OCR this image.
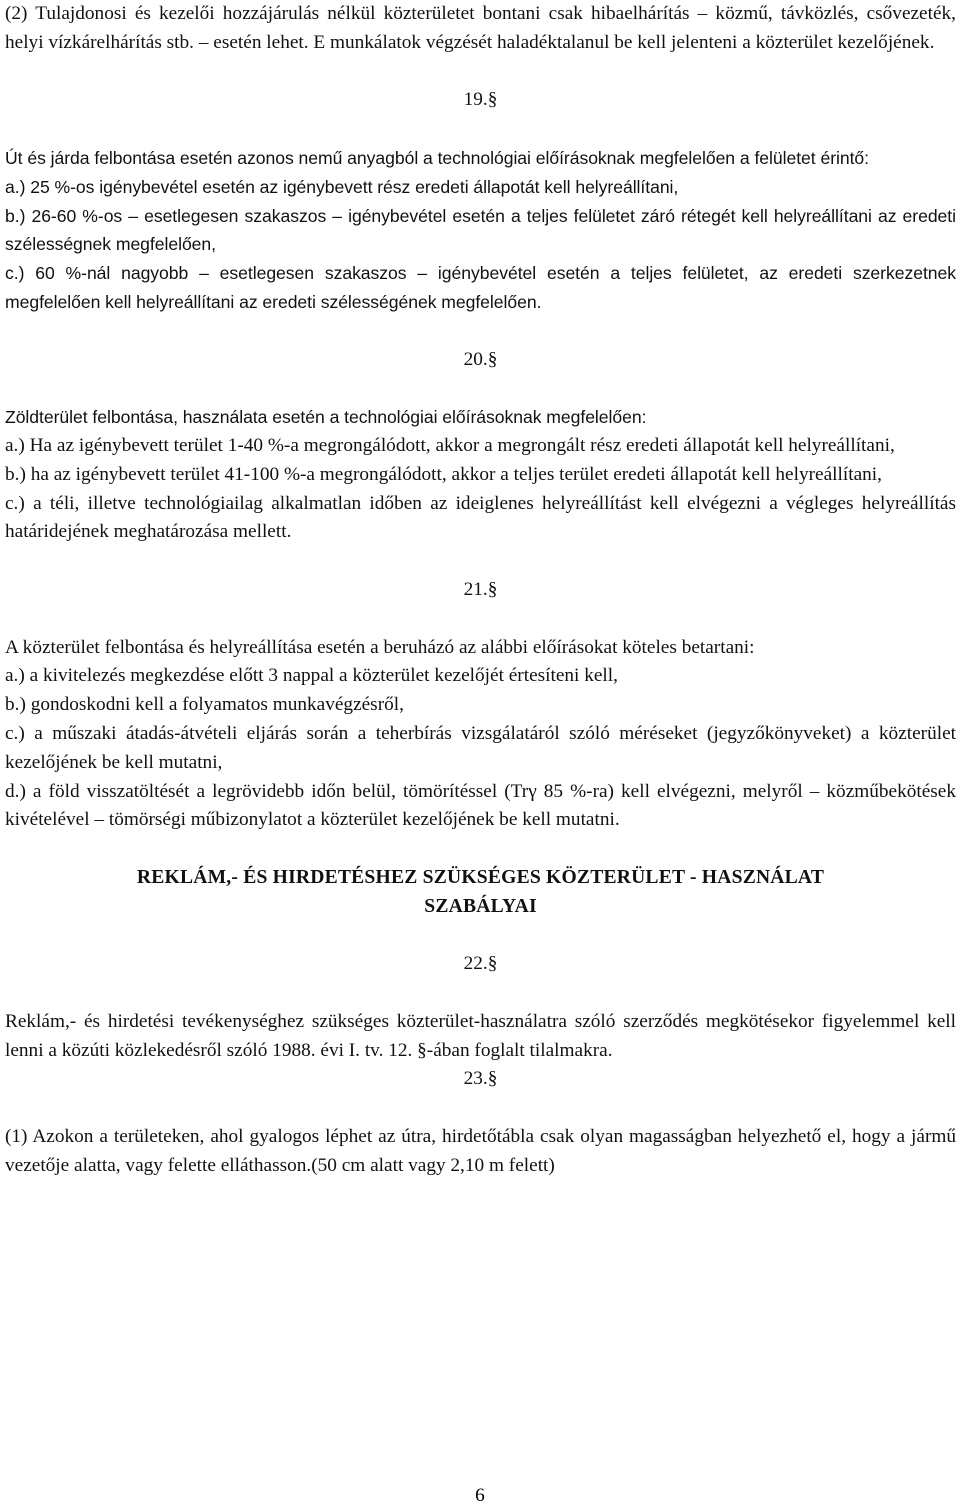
(2) Tulajdonosi és kezelői hozzájárulás nélkül közterületet bontani csak hibaelhárítás – közmű, távközlés, csővezeték, helyi vízkárelhárítás stb. – esetén lehet. E munkálatok végzését haladéktalanul be kell jelenteni a közterület kezelőjének.

19.§

Út és járda felbontása esetén azonos nemű anyagból a technológiai előírásoknak megfelelően a felületet érintő:

a.) 25 %-os igénybevétel esetén az igénybevett rész eredeti állapotát kell helyreállítani,

b.) 26-60 %-os – esetlegesen szakaszos – igénybevétel esetén a teljes felületet záró rétegét kell helyreállítani az eredeti szélességnek megfelelően,

c.) 60 %-nál nagyobb – esetlegesen szakaszos – igénybevétel esetén a teljes felületet, az eredeti szerkezetnek megfelelően kell helyreállítani az eredeti szélességének megfelelően.

20.§

Zöldterület felbontása, használata esetén a technológiai előírásoknak megfelelően:

a.) Ha az igénybevett terület 1-40 %-a megrongálódott, akkor a megrongált rész eredeti állapotát kell helyreállítani,

b.) ha az igénybevett terület 41-100 %-a megrongálódott, akkor a teljes terület eredeti állapotát kell helyreállítani,

c.) a téli, illetve technológiailag alkalmatlan időben az ideiglenes helyreállítást kell elvégezni a végleges helyreállítás határidejének meghatározása mellett.

21.§

A közterület felbontása és helyreállítása esetén a beruházó az alábbi előírásokat köteles betartani:

a.) a kivitelezés megkezdése előtt 3 nappal a közterület kezelőjét értesíteni kell,

b.) gondoskodni kell a folyamatos munkavégzésről,

c.) a műszaki átadás-átvételi eljárás során a teherbírás vizsgálatáról szóló méréseket (jegyzőkönyveket) a közterület kezelőjének be kell mutatni,

d.) a föld visszatöltését a legrövidebb időn belül, tömörítéssel (Trγ 85 %-ra) kell elvégezni, melyről – közműbekötések kivételével – tömörségi műbizonylatot a közterület kezelőjének be kell mutatni.

REKLÁM,- ÉS HIRDETÉSHEZ SZÜKSÉGES KÖZTERÜLET - HASZNÁLAT

SZABÁLYAI

22.§

Reklám,- és hirdetési tevékenységhez szükséges közterület-használatra szóló szerződés megkötésekor figyelemmel kell lenni a közúti közlekedésről szóló 1988. évi I. tv. 12. §-ában foglalt tilalmakra.

23.§

(1) Azokon a területeken, ahol gyalogos léphet az útra, hirdetőtábla csak olyan magasságban helyezhető el, hogy a jármű vezetője alatta, vagy felette elláthasson.(50 cm alatt vagy 2,10 m felett)

6
